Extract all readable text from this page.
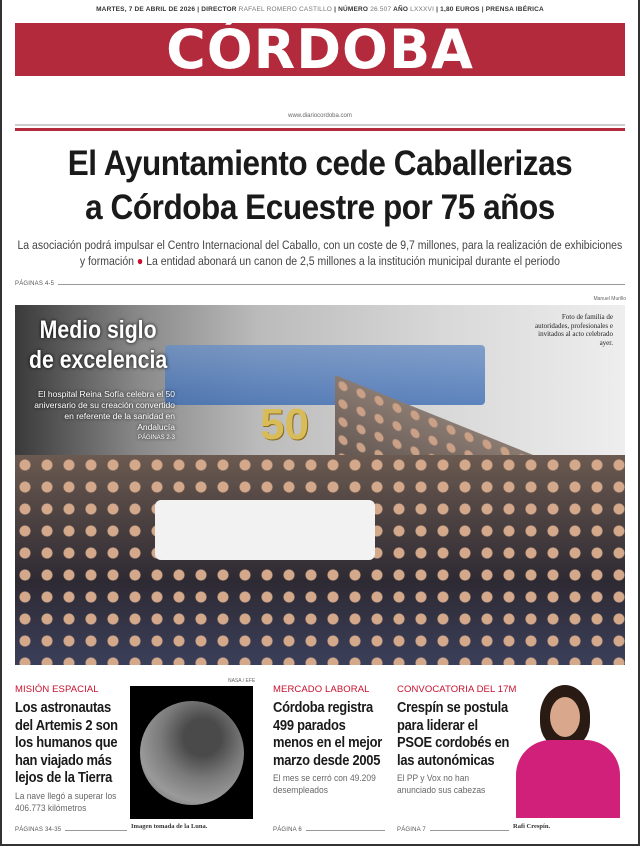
MARTES, 7 DE ABRIL DE 2026 | DIRECTOR RAFAEL ROMERO CASTILLO | NÚMERO 26.507 AÑO LXXXVI | 1,80 EUROS | PRENSA IBÉRICA
CÓRDOBA
www.diariocordoba.com
El Ayuntamiento cede Caballerizas
a Córdoba Ecuestre por 75 años
La asociación podrá impulsar el Centro Internacional del Caballo, con un coste de 9,7 millones, para la realización de exhibiciones y formación ● La entidad abonará un canon de 2,5 millones a la institución municipal durante el periodo
PÁGINAS 4-5
Manuel Murillo
50
Medio siglo
de excelencia
El hospital Reina Sofía celebra el 50 aniversario de su creación convertido en referente de la sanidad en Andalucía
PÁGINAS 2-3
Foto de familia de autoridades, profesionales e invitados al acto celebrado ayer.
MISIÓN ESPACIAL
Los astronautas del Artemis 2 son los humanos que han viajado más lejos de la Tierra
La nave llegó a superar los 406.773 kilómetros
PÁGINAS 34-35
NASA / EFE
Imagen tomada de la Luna.
MERCADO LABORAL
Córdoba registra 499 parados menos en el mejor marzo desde 2005
El mes se cerró con 49.209 desempleados
PÁGINA 6
CONVOCATORIA DEL 17M
Crespín se postula para liderar el PSOE cordobés en las autonómicas
El PP y Vox no han anunciado sus cabezas
PÁGINA 7	Rafi Crespín.
